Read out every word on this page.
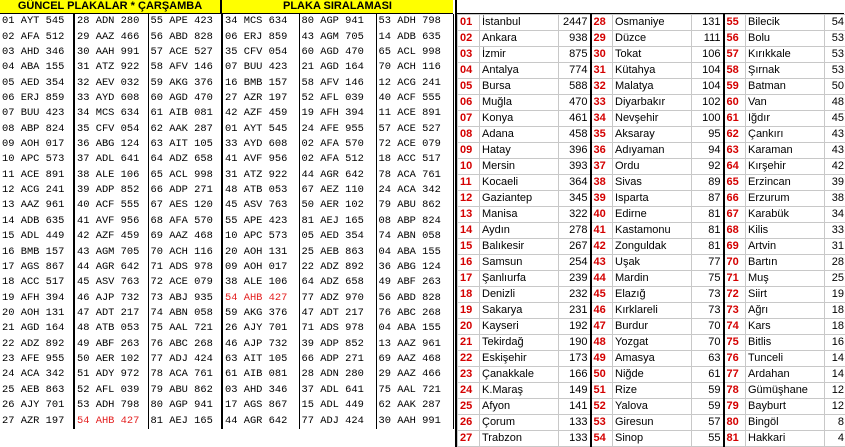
GÜNCEL PLAKALAR * ÇARŞAMBA	PLAKA SIRALAMASI
01 AYT 545	28 ADN 280	55 APE 423	34 MCS 634	80 AGP 941	53 ADH 798
02 AFA 512	29 AAZ 466	56 ABD 828	06 ERJ 859	43 AGM 705	14 ADB 635
03 AHD 346	30 AAH 991	57 ACE 527	35 CFV 054	60 AGD 470	65 ACL 998
04 ABA 155	31 ATZ 922	58 AFV 146	07 BUU 423	21 AGD 164	70 ACH 116
05 AED 354	32 AEV 032	59 AKG 376	16 BMB 157	58 AFV 146	12 ACG 241
06 ERJ 859	33 AYD 608	60 AGD 470	27 AZR 197	52 AFL 039	40 ACF 555
07 BUU 423	34 MCS 634	61 AIB 081	42 AZF 459	19 AFH 394	11 ACE 891
08 ABP 824	35 CFV 054	62 AAK 287	01 AYT 545	24 AFE 955	57 ACE 527
09 AOH 017	36 ABG 124	63 AIT 105	33 AYD 608	02 AFA 570	72 ACE 079
10 APC 573	37 ADL 641	64 ADZ 658	41 AVF 956	02 AFA 512	18 ACC 517
11 ACE 891	38 ALE 106	65 ACL 998	31 ATZ 922	44 AGR 642	78 ACA 761
12 ACG 241	39 ADP 852	66 ADP 271	48 ATB 053	67 AEZ 110	24 ACA 342
13 AAZ 961	40 ACF 555	67 AES 120	45 ASV 763	50 AER 102	79 ABU 862
14 ADB 635	41 AVF 956	68 AFA 570	55 APE 423	81 AEJ 165	08 ABP 824
15 ADL 449	42 AZF 459	69 AAZ 468	10 APC 573	05 AED 354	74 ABN 058
16 BMB 157	43 AGM 705	70 ACH 116	20 AOH 131	25 AEB 863	04 ABA 155
17 AGS 867	44 AGR 642	71 ADS 978	09 AOH 017	22 ADZ 892	36 ABG 124
18 ACC 517	45 ASV 763	72 ACE 079	38 ALE 106	64 ADZ 658	49 ABF 263
19 AFH 394	46 AJP 732	73 ABJ 935	54 AHB 427	77 ADZ 970	56 ABD 828
20 AOH 131	47 ADT 217	74 ABN 058	59 AKG 376	47 ADT 217	76 ABC 268
21 AGD 164	48 ATB 053	75 AAL 721	26 AJY 701	71 ADS 978	04 ABA 155
22 ADZ 892	49 ABF 263	76 ABC 268	46 AJP 732	39 ADP 852	13 AAZ 961
23 AFE 955	50 AER 102	77 ADJ 424	63 AIT 105	66 ADP 271	69 AAZ 468
24 ACA 342	51 ADY 972	78 ACA 761	61 AIB 081	28 ADN 280	29 AAZ 466
25 AEB 863	52 AFL 039	79 ABU 862	03 AHD 346	37 ADL 641	75 AAL 721
26 AJY 701	53 ADH 798	80 AGP 941	17 AGS 867	15 ADL 449	62 AAK 287
27 AZR 197	54 AHB 427	81 AEJ 165	44 AGR 642	77 ADJ 424	30 AAH 991
01	İstanbul	2447	28	Osmaniye	131	55	Bilecik	54
02	Ankara	938	29	Düzce	111	56	Bolu	53
03	İzmir	875	30	Tokat	106	57	Kırıkkale	53
04	Antalya	774	31	Kütahya	104	58	Şırnak	53
05	Bursa	588	32	Malatya	104	59	Batman	50
06	Muğla	470	33	Diyarbakır	102	60	Van	48
07	Konya	461	34	Nevşehir	100	61	Iğdır	45
08	Adana	458	35	Aksaray	95	62	Çankırı	43
09	Hatay	396	36	Adıyaman	94	63	Karaman	43
10	Mersin	393	37	Ordu	92	64	Kırşehir	42
11	Kocaeli	364	38	Sivas	89	65	Erzincan	39
12	Gaziantep	345	39	Isparta	87	66	Erzurum	38
13	Manisa	322	40	Edirne	81	67	Karabük	34
14	Aydın	278	41	Kastamonu	81	68	Kilis	33
15	Balıkesir	267	42	Zonguldak	81	69	Artvin	31
16	Samsun	254	43	Uşak	77	70	Bartın	28
17	Şanlıurfa	239	44	Mardin	75	71	Muş	25
18	Denizli	232	45	Elazığ	73	72	Siirt	19
19	Sakarya	231	46	Kırklareli	73	73	Ağrı	18
20	Kayseri	192	47	Burdur	70	74	Kars	18
21	Tekirdağ	190	48	Yozgat	70	75	Bitlis	16
22	Eskişehir	173	49	Amasya	63	76	Tunceli	14
23	Çanakkale	166	50	Niğde	61	77	Ardahan	14
24	K.Maraş	149	51	Rize	59	78	Gümüşhane	12
25	Afyon	141	52	Yalova	59	79	Bayburt	12
26	Çorum	133	53	Giresun	57	80	Bingöl	8
27	Trabzon	133	54	Sinop	55	81	Hakkari	4
